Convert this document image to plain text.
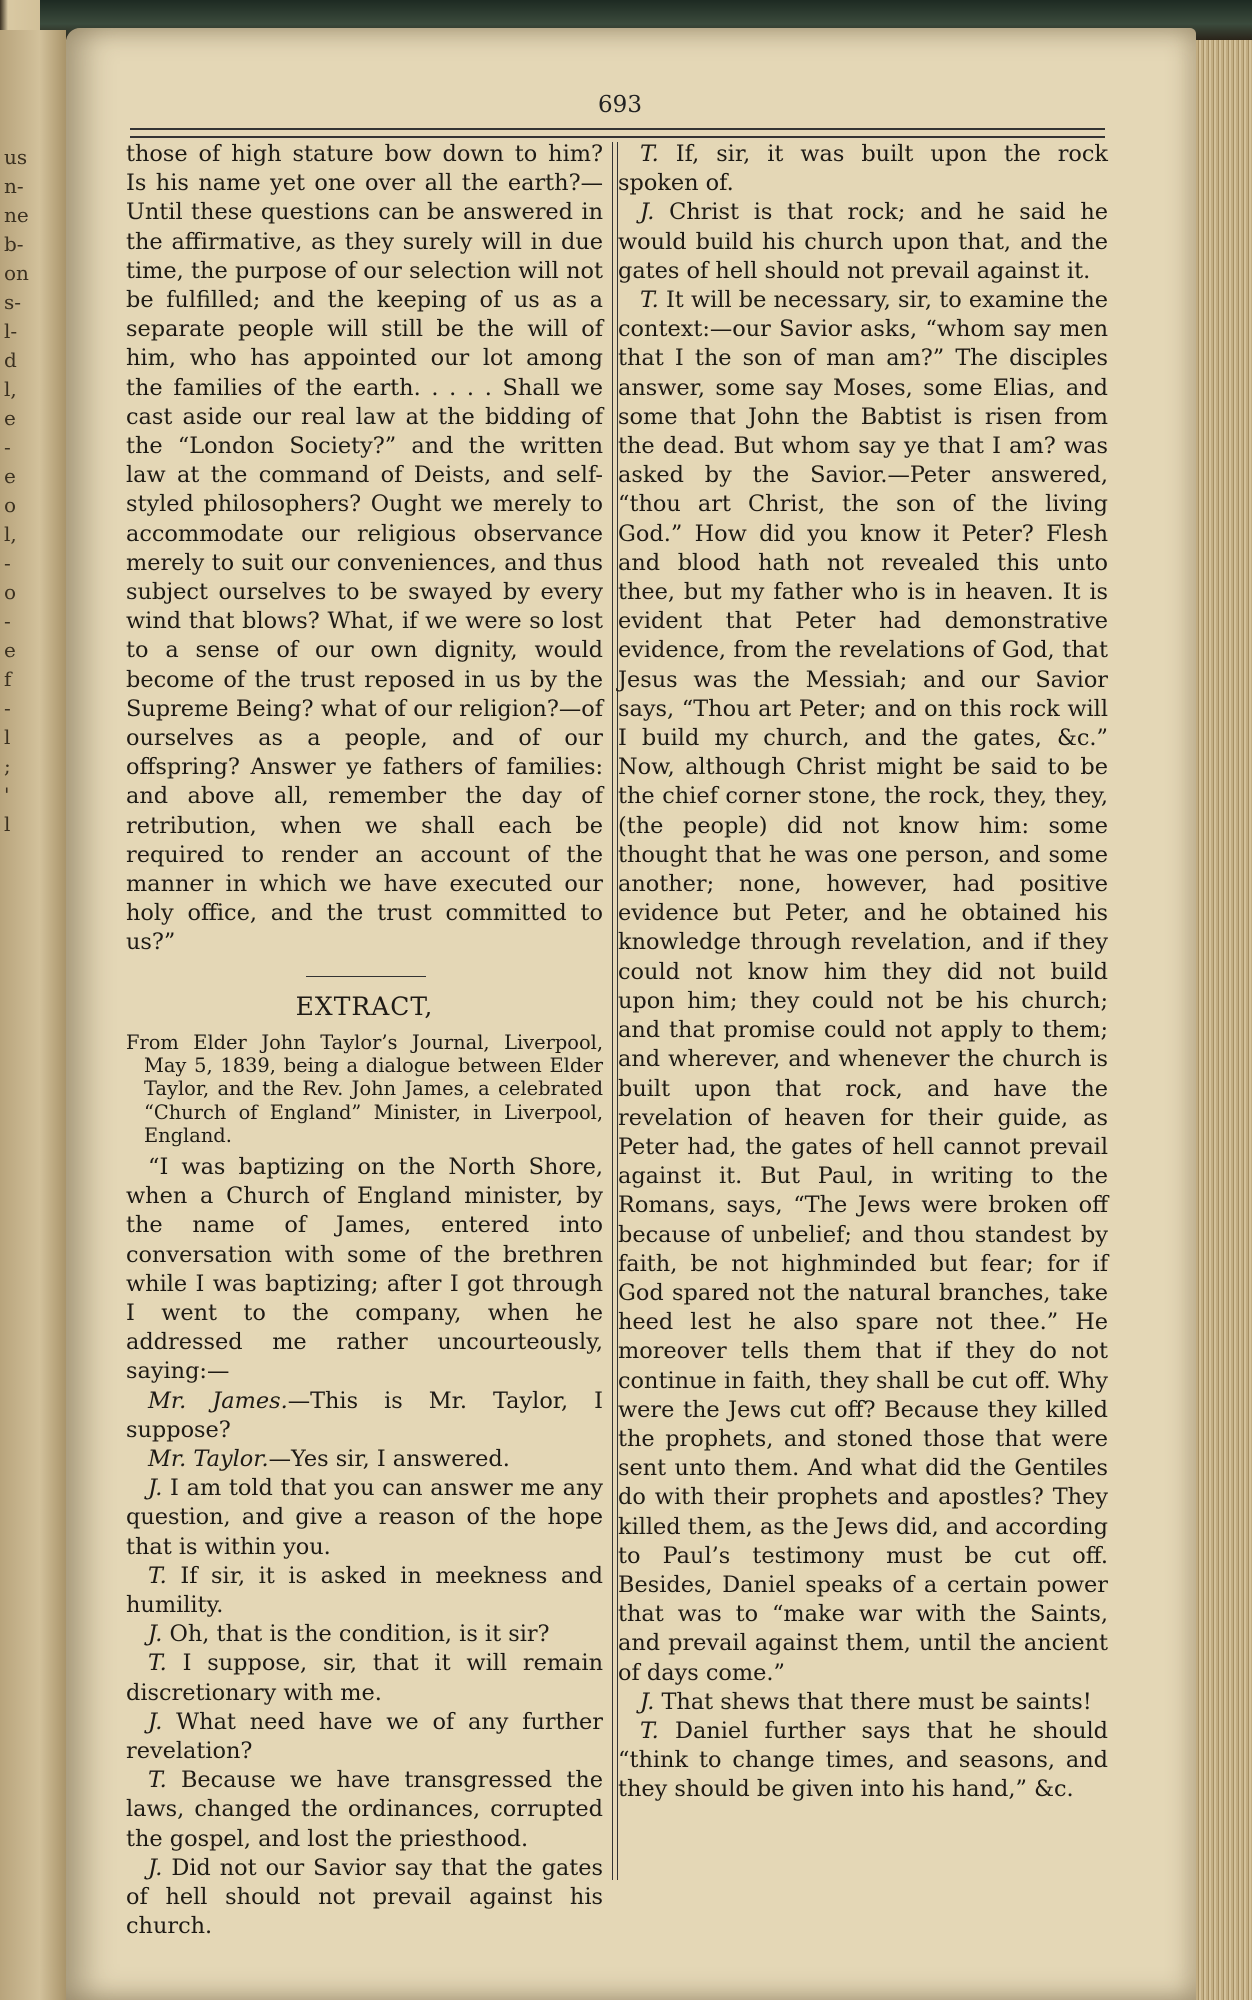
us
n-
ne
b-
on
s-
l-
d
l,
e
-
e
o
l,
-
o
-
e
f
-
l
;
'
l
693

those of high stature bow down to him? Is his name yet one over all the earth?—Until these questions can be answered in the affirmative, as they surely will in due time, the purpose of our selection will not be fulfilled; and the keeping of us as a separate people will still be the will of him, who has appointed our lot among the families of the earth. . . . . Shall we cast aside our real law at the bidding of the “London Society?” and the written law at the command of Deists, and self-styled philosophers? Ought we merely to accommodate our religious observance merely to suit our conveniences, and thus subject ourselves to be swayed by every wind that blows? What, if we were so lost to a sense of our own dignity, would become of the trust reposed in us by the Supreme Being? what of our religion?—of ourselves as a people, and of our offspring? Answer ye fathers of families: and above all, remember the day of retribution, when we shall each be required to render an account of the manner in which we have executed our holy office, and the trust committed to us?”

EXTRACT,

From Elder John Taylor’s Journal, Liverpool, May 5, 1839, being a dialogue between Elder Taylor, and the Rev. John James, a celebrated “Church of England” Minister, in Liverpool, England.

“I was baptizing on the North Shore, when a Church of England minister, by the name of James, entered into conversation with some of the brethren while I was baptizing; after I got through I went to the company, when he addressed me rather uncourteously, saying:—

Mr. James.—This is Mr. Taylor, I suppose?

Mr. Taylor.—Yes sir, I answered.

J. I am told that you can answer me any question, and give a reason of the hope that is within you.

T. If sir, it is asked in meekness and humility.

J. Oh, that is the condition, is it sir?

T. I suppose, sir, that it will remain discretionary with me.

J. What need have we of any further revelation?

T. Because we have transgressed the laws, changed the ordinances, corrupted the gospel, and lost the priesthood.

J. Did not our Savior say that the gates of hell should not prevail against his church.

T. If, sir, it was built upon the rock spoken of.

J. Christ is that rock; and he said he would build his church upon that, and the gates of hell should not prevail against it.

T. It will be necessary, sir, to examine the context:—our Savior asks, “whom say men that I the son of man am?” The disciples answer, some say Moses, some Elias, and some that John the Babtist is risen from the dead. But whom say ye that I am? was asked by the Savior.—Peter answered, “thou art Christ, the son of the living God.” How did you know it Peter? Flesh and blood hath not revealed this unto thee, but my father who is in heaven. It is evident that Peter had demonstrative evidence, from the revelations of God, that Jesus was the Messiah; and our Savior says, “Thou art Peter; and on this rock will I build my church, and the gates, &c.” Now, although Christ might be said to be the chief corner stone, the rock, they, they, (the people) did not know him: some thought that he was one person, and some another; none, however, had positive evidence but Peter, and he obtained his knowledge through revelation, and if they could not know him they did not build upon him; they could not be his church; and that promise could not apply to them; and wherever, and whenever the church is built upon that rock, and have the revelation of heaven for their guide, as Peter had, the gates of hell cannot prevail against it. But Paul, in writing to the Romans, says, “The Jews were broken off because of unbelief; and thou standest by faith, be not highminded but fear; for if God spared not the natural branches, take heed lest he also spare not thee.” He moreover tells them that if they do not continue in faith, they shall be cut off. Why were the Jews cut off? Because they killed the prophets, and stoned those that were sent unto them. And what did the Gentiles do with their prophets and apostles? They killed them, as the Jews did, and according to Paul’s testimony must be cut off. Besides, Daniel speaks of a certain power that was to “make war with the Saints, and prevail against them, until the ancient of days come.”

J. That shews that there must be saints!

T. Daniel further says that he should “think to change times, and seasons, and they should be given into his hand,” &c.
